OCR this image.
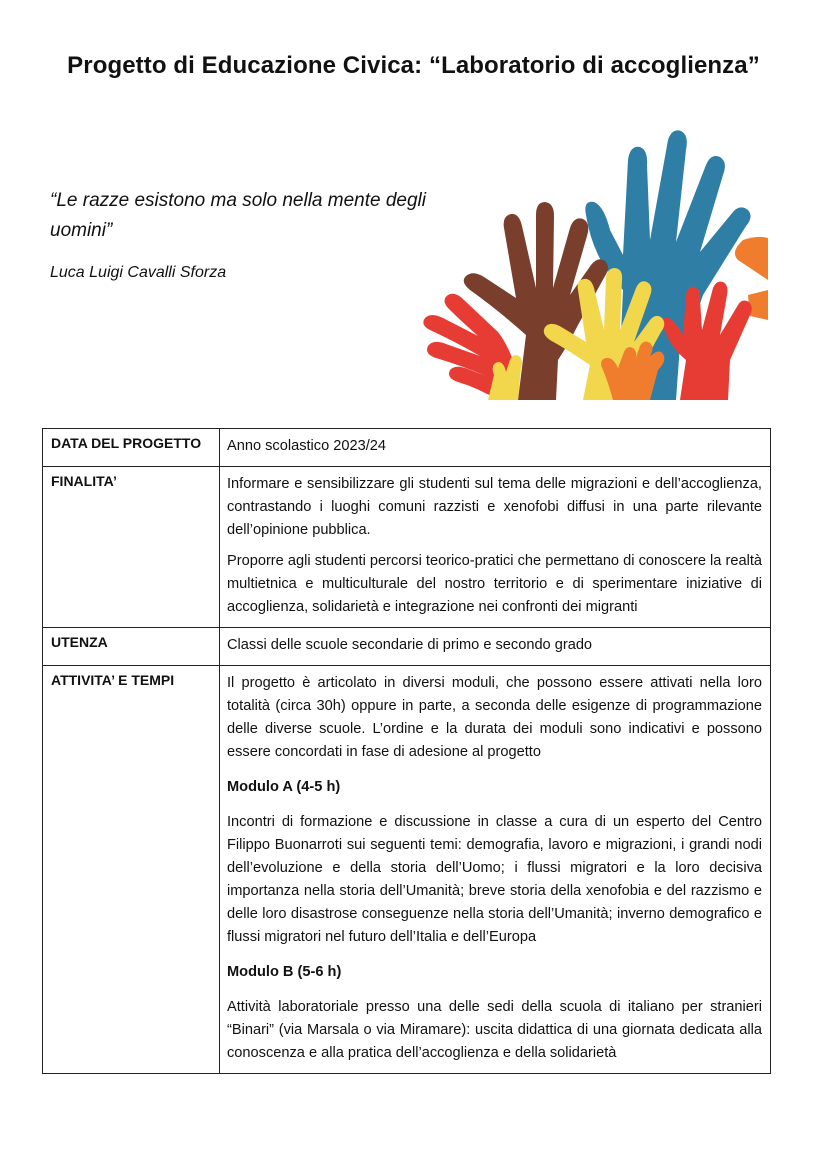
Progetto di Educazione Civica: “Laboratorio di accoglienza”
“Le razze esistono ma solo nella mente degli uomini”
Luca Luigi Cavalli Sforza
DATA DEL PROGETTO	Anno scolastico 2023/24

FINALITA’	Informare e sensibilizzare gli studenti sul tema delle migrazioni e dell’accoglienza, contrastando i luoghi comuni razzisti e xenofobi diffusi in una parte rilevante dell’opinione pubblica.

Proporre agli studenti percorsi teorico-pratici che permettano di conoscere la realtà multietnica e multiculturale del nostro territorio e di sperimentare iniziative di accoglienza, solidarietà e integrazione nei confronti dei migranti

UTENZA	Classi delle scuole secondarie di primo e secondo grado

ATTIVITA’ E TEMPI	Il progetto è articolato in diversi moduli, che possono essere attivati nella loro totalità (circa 30h) oppure in parte, a seconda delle esigenze di programmazione delle diverse scuole. L’ordine e la durata dei moduli sono indicativi e possono essere concordati in fase di adesione al progetto

Modulo A (4-5 h)

Incontri di formazione e discussione in classe a cura di un esperto del Centro Filippo Buonarroti sui seguenti temi: demografia, lavoro e migrazioni, i grandi nodi dell’evoluzione e della storia dell’Uomo; i flussi migratori e la loro decisiva importanza nella storia dell’Umanità; breve storia della xenofobia e del razzismo e delle loro disastrose conseguenze nella storia dell’Umanità; inverno demografico e flussi migratori nel futuro dell’Italia e dell’Europa

Modulo B (5-6 h)

Attività laboratoriale presso una delle sedi della scuola di italiano per stranieri “Binari” (via Marsala o via Miramare): uscita didattica di una giornata dedicata alla conoscenza e alla pratica dell’accoglienza e della solidarietà
